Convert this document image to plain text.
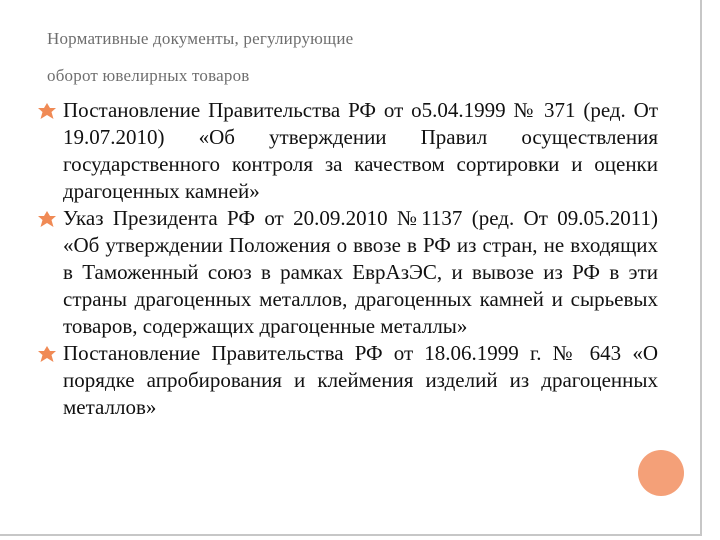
Нормативные документы, регулирующие
оборот ювелирных товаров

Постановление Правительства РФ от о5.04.1999 № 371 (ред. От 19.07.2010) «Об утверждении Правил осуществления государственного контроля за качеством сортировки и оценки драгоценных камней»

Указ Президента РФ от 20.09.2010 №1137 (ред. От 09.05.2011) «Об утверждении Положения о ввозе в РФ из стран, не входящих в Таможенный союз в рамках ЕврАзЭС, и вывозе из РФ в эти страны драгоценных металлов, драгоценных камней и сырьевых товаров, содержащих драгоценные металлы»

Постановление Правительства РФ от 18.06.1999 г. № 643 «О порядке апробирования и клеймения изделий из драгоценных металлов»
